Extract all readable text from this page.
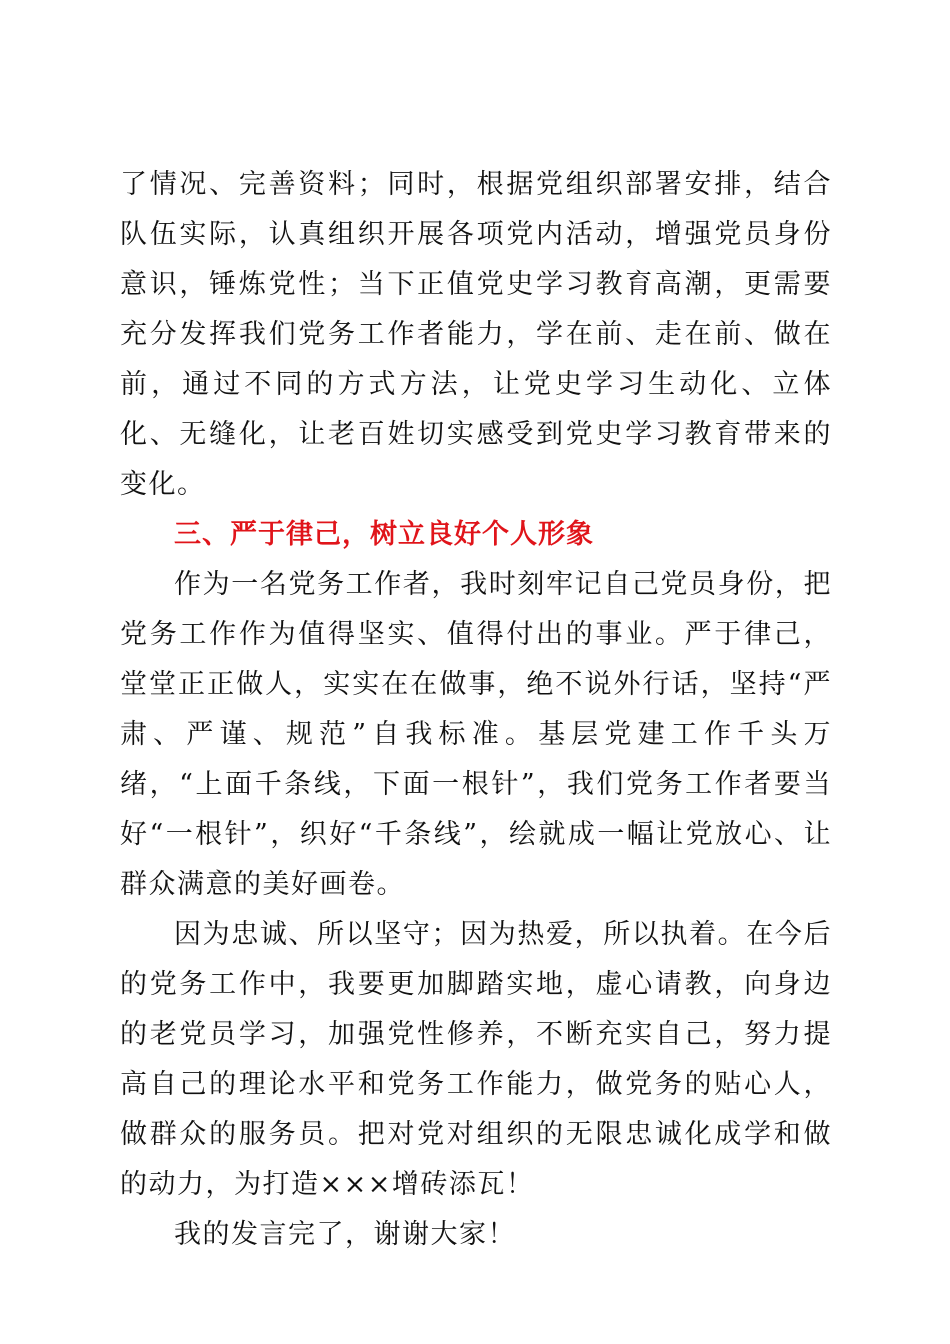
了情况、完善资料；同时，根据党组织部署安排，结合队伍实际，认真组织开展各项党内活动，增强党员身份意识，锤炼党性；当下正值党史学习教育高潮，更需要充分发挥我们党务工作者能力，学在前、走在前、做在前，通过不同的方式方法，让党史学习生动化、立体化、无缝化，让老百姓切实感受到党史学习教育带来的变化。

三、严于律己，树立良好个人形象

作为一名党务工作者，我时刻牢记自己党员身份，把党务工作作为值得坚实、值得付出的事业。严于律己，堂堂正正做人，实实在在做事，绝不说外行话，坚持“严肃、严谨、规范”自我标准。基层党建工作千头万绪，“上面千条线，下面一根针”，我们党务工作者要当好“一根针”，织好“千条线”，绘就成一幅让党放心、让群众满意的美好画卷。

因为忠诚、所以坚守；因为热爱，所以执着。在今后的党务工作中，我要更加脚踏实地，虚心请教，向身边的老党员学习，加强党性修养，不断充实自己，努力提高自己的理论水平和党务工作能力，做党务的贴心人，做群众的服务员。把对党对组织的无限忠诚化成学和做的动力，为打造×××增砖添瓦！

我的发言完了，谢谢大家！
